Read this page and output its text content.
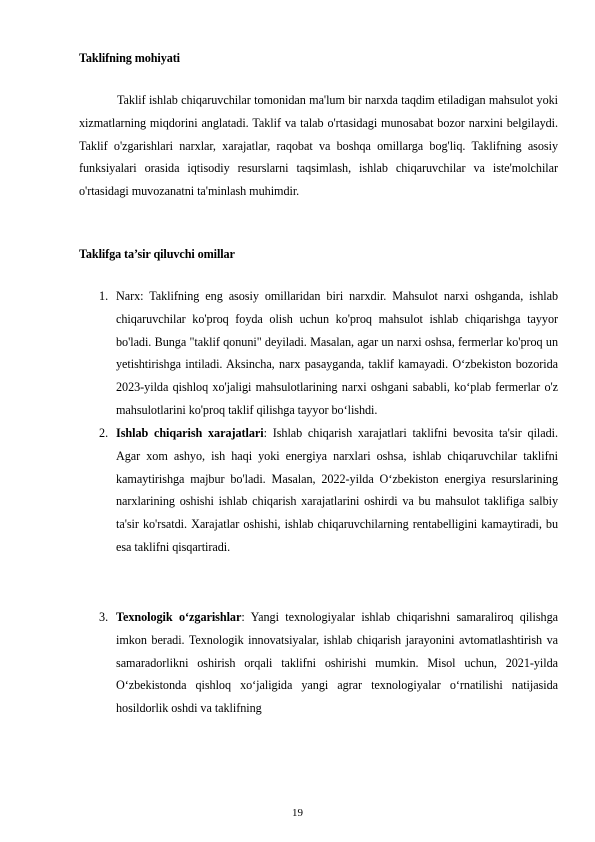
Taklifning mohiyati

Taklif ishlab chiqaruvchilar tomonidan ma'lum bir narxda taqdim etiladigan mahsulot yoki xizmatlarning miqdorini anglatadi. Taklif va talab o'rtasidagi munosabat bozor narxini belgilaydi. Taklif o'zgarishlari narxlar, xarajatlar, raqobat va boshqa omillarga bog'liq. Taklifning asosiy funksiyalari orasida iqtisodiy resurslarni taqsimlash, ishlab chiqaruvchilar va iste'molchilar o'rtasidagi muvozanatni ta'minlash muhimdir.

Taklifga ta’sir qiluvchi omillar
1. Narx: Taklifning eng asosiy omillaridan biri narxdir. Mahsulot narxi oshganda, ishlab chiqaruvchilar ko'proq foyda olish uchun ko'proq mahsulot ishlab chiqarishga tayyor bo'ladi. Bunga "taklif qonuni" deyiladi. Masalan, agar un narxi oshsa, fermerlar ko'proq un yetishtirishga intiladi. Aksincha, narx pasayganda, taklif kamayadi. O‘zbekiston bozorida 2023-yilda qishloq xo'jaligi mahsulotlarining narxi oshgani sababli, ko‘plab fermerlar o'z mahsulotlarini ko'proq taklif qilishga tayyor bo‘lishdi.

2. Ishlab chiqarish xarajatlari: Ishlab chiqarish xarajatlari taklifni bevosita ta'sir qiladi. Agar xom ashyo, ish haqi yoki energiya narxlari oshsa, ishlab chiqaruvchilar taklifni kamaytirishga majbur bo'ladi. Masalan, 2022-yilda O‘zbekiston energiya resurslarining narxlarining oshishi ishlab chiqarish xarajatlarini oshirdi va bu mahsulot taklifiga salbiy ta'sir ko'rsatdi. Xarajatlar oshishi, ishlab chiqaruvchilarning rentabelligini kamaytiradi, bu esa taklifni qisqartiradi.

3. Texnologik o‘zgarishlar: Yangi texnologiyalar ishlab chiqarishni samaraliroq qilishga imkon beradi. Texnologik innovatsiyalar, ishlab chiqarish jarayonini avtomatlashtirish va samaradorlikni oshirish orqali taklifni oshirishi mumkin. Misol uchun, 2021-yilda O‘zbekistonda qishloq xo‘jaligida yangi agrar texnologiyalar o‘rnatilishi natijasida hosildorlik oshdi va taklifning

19
